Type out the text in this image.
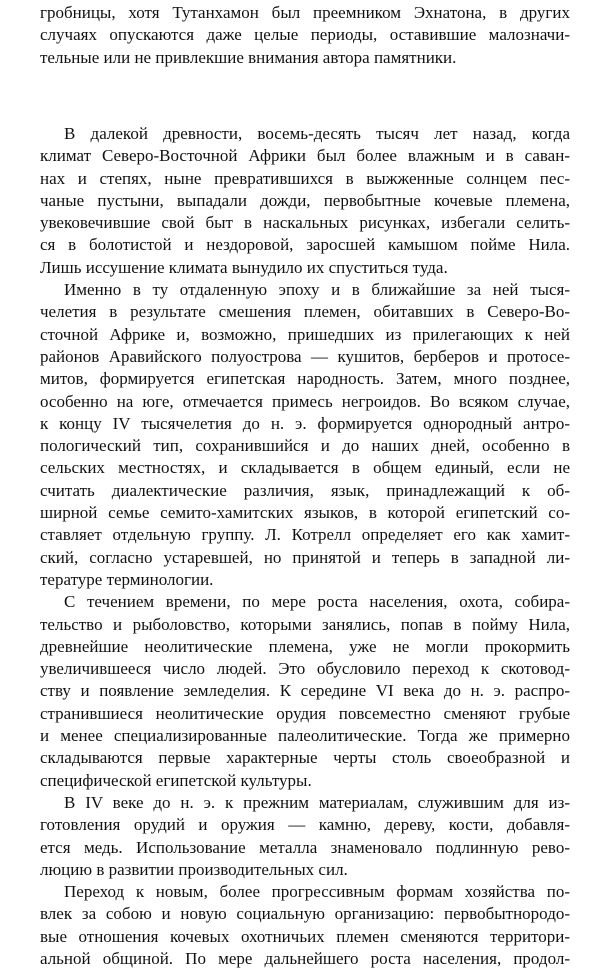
гробницы, хотя Тутанхамон был преемником Эхнатона, в других
случаях опускаются даже целые периоды, оставившие малозначи-
тельные или не привлекшие внимания автора памятники.
В далекой древности, восемь-десять тысяч лет назад, когда
климат Северо-Восточной Африки был более влажным и в саван-
нах и степях, ныне превратившихся в выжженные солнцем пес-
чаные пустыни, выпадали дожди, первобытные кочевые племена,
увековечившие свой быт в наскальных рисунках, избегали селить-
ся в болотистой и нездоровой, заросшей камышом пойме Нила.
Лишь иссушение климата вынудило их спуститься туда.
Именно в ту отдаленную эпоху и в ближайшие за ней тыся-
челетия в результате смешения племен, обитавших в Северо-Во-
сточной Африке и, возможно, пришедших из прилегающих к ней
районов Аравийского полуострова — кушитов, берберов и протосе-
митов, формируется египетская народность. Затем, много позднее,
особенно на юге, отмечается примесь негроидов. Во всяком случае,
к концу IV тысячелетия до н. э. формируется однородный антро-
пологический тип, сохранившийся и до наших дней, особенно в
сельских местностях, и складывается в общем единый, если не
считать диалектические различия, язык, принадлежащий к об-
ширной семье семито-хамитских языков, в которой египетский со-
ставляет отдельную группу. Л. Котрелл определяет его как хамит-
ский, согласно устаревшей, но принятой и теперь в западной ли-
тературе терминологии.
С течением времени, по мере роста населения, охота, собира-
тельство и рыболовство, которыми занялись, попав в пойму Нила,
древнейшие неолитические племена, уже не могли прокормить
увеличившееся число людей. Это обусловило переход к скотовод-
ству и появление земледелия. К середине VI века до н. э. распро-
странившиеся неолитические орудия повсеместно сменяют грубые
и менее специализированные палеолитические. Тогда же примерно
складываются первые характерные черты столь своеобразной и
специфической египетской культуры.
В IV веке до н. э. к прежним материалам, служившим для из-
готовления орудий и оружия — камню, дереву, кости, добавля-
ется медь. Использование металла знаменовало подлинную рево-
люцию в развитии производительных сил.
Переход к новым, более прогрессивным формам хозяйства по-
влек за собою и новую социальную организацию: первобытнородо-
вые отношения кочевых охотничьих племен сменяются территори-
альной общиной. По мере дальнейшего роста населения, продол-
